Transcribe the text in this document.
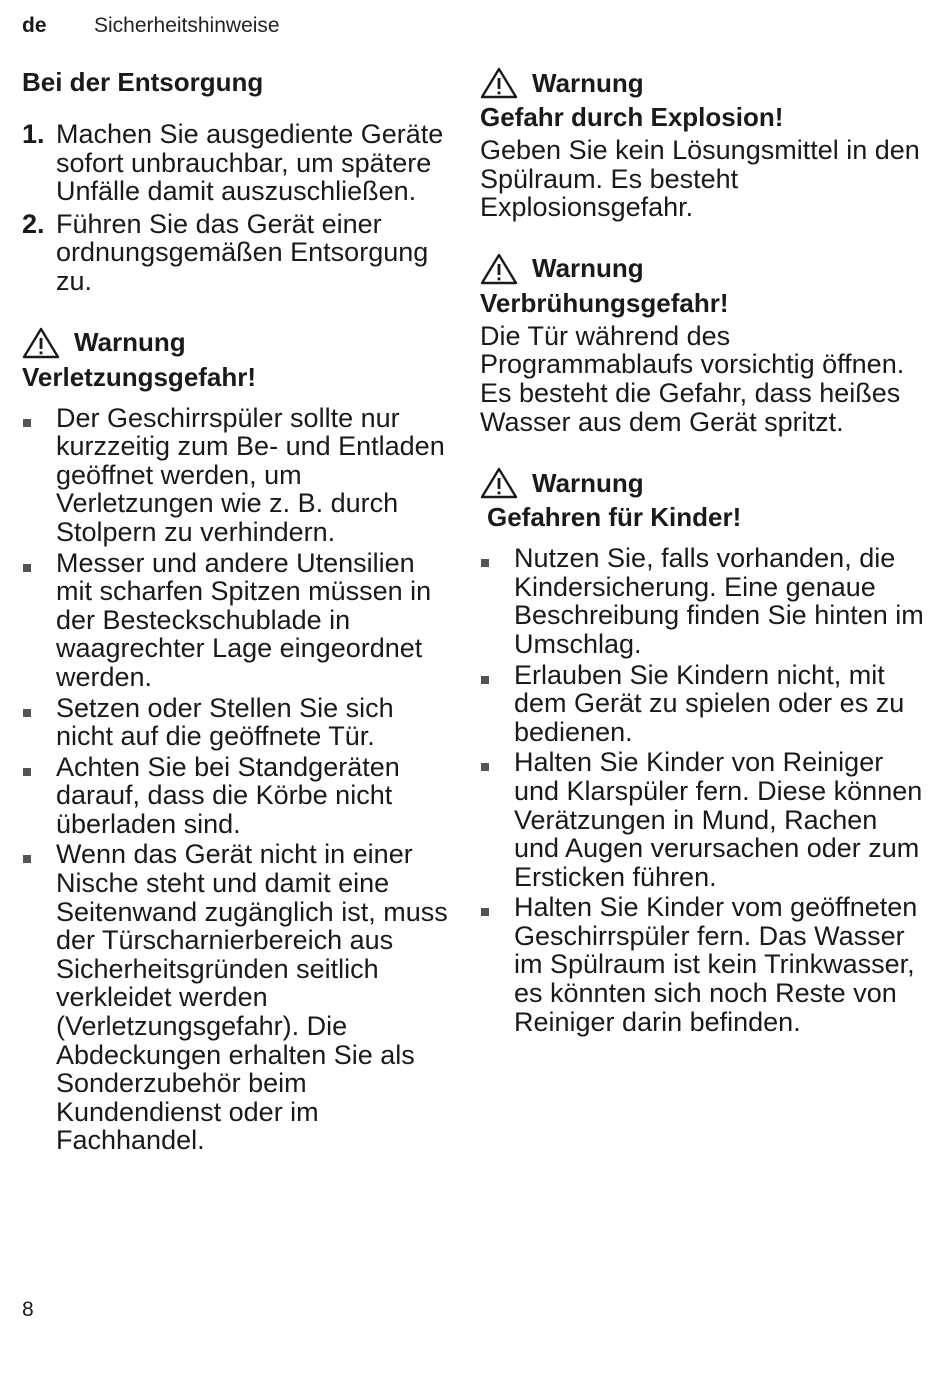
de	Sicherheitshinweise
Bei der Entsorgung
1. Machen Sie ausgediente Geräte sofort unbrauchbar, um spätere Unfälle damit auszuschließen.
2. Führen Sie das Gerät einer ordnungsgemäßen Entsorgung zu.
Warnung
Verletzungsgefahr!
Der Geschirrspüler sollte nur kurzzeitig zum Be- und Entladen geöffnet werden, um Verletzungen wie z. B. durch Stolpern zu verhindern.
Messer und andere Utensilien mit scharfen Spitzen müssen in der Besteckschublade in waagrechter Lage eingeordnet werden.
Setzen oder Stellen Sie sich nicht auf die geöffnete Tür.
Achten Sie bei Standgeräten darauf, dass die Körbe nicht überladen sind.
Wenn das Gerät nicht in einer Nische steht und damit eine Seitenwand zugänglich ist, muss der Türscharnierbereich aus Sicherheitsgründen seitlich verkleidet werden (Verletzungsgefahr). Die Abdeckungen erhalten Sie als Sonderzubehör beim Kundendienst oder im Fachhandel.
Warnung
Gefahr durch Explosion!
Geben Sie kein Lösungsmittel in den Spülraum. Es besteht Explosionsgefahr.
Warnung
Verbrühungsgefahr!
Die Tür während des Programmablaufs vorsichtig öffnen. Es besteht die Gefahr, dass heißes Wasser aus dem Gerät spritzt.
Warnung
Gefahren für Kinder!
Nutzen Sie, falls vorhanden, die Kindersicherung. Eine genaue Beschreibung finden Sie hinten im Umschlag.
Erlauben Sie Kindern nicht, mit dem Gerät zu spielen oder es zu bedienen.
Halten Sie Kinder von Reiniger und Klarspüler fern. Diese können Verätzungen in Mund, Rachen und Augen verursachen oder zum Ersticken führen.
Halten Sie Kinder vom geöffneten Geschirrspüler fern. Das Wasser im Spülraum ist kein Trinkwasser, es könnten sich noch Reste von Reiniger darin befinden.
8
